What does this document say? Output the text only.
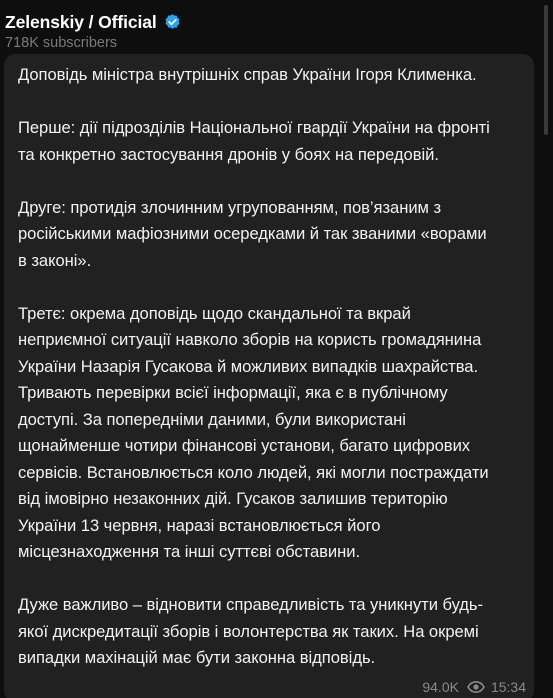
Zelenskiy / Official
718K subscribers

Доповідь міністра внутрішніх справ України Ігоря Клименка.

Перше: дії підрозділів Національної гвардії України на фронті
та конкретно застосування дронів у боях на передовій.

Друге: протидія злочинним угрупованням, пов’язаним з
російськими мафіозними осередками й так званими «ворами
в законі».

Третє: окрема доповідь щодо скандальної та вкрай
неприємної ситуації навколо зборів на користь громадянина
України Назарія Гусакова й можливих випадків шахрайства.
Тривають перевірки всієї інформації, яка є в публічному
доступі. За попередніми даними, були використані
щонайменше чотири фінансові установи, багато цифрових
сервісів. Встановлюється коло людей, які могли постраждати
від імовірно незаконних дій. Гусаков залишив територію
України 13 червня, наразі встановлюється його
місцезнаходження та інші суттєві обставини.

Дуже важливо – відновити справедливість та уникнути будь-
якої дискредитації зборів і волонтерства як таких. На окремі
випадки махінацій має бути законна відповідь.

94.0K 15:34
